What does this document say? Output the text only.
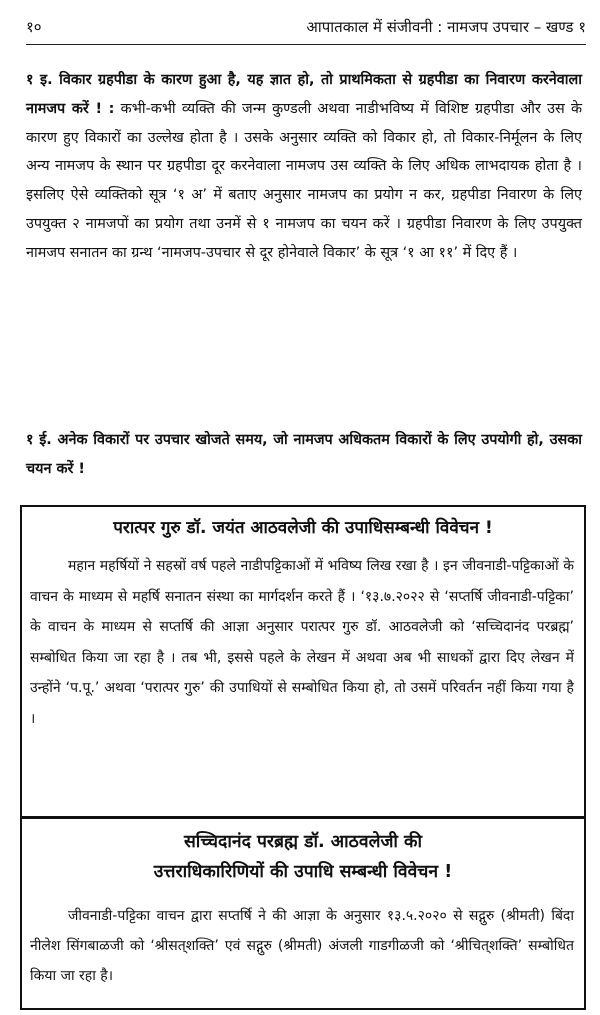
१०	आपातकाल में संजीवनी : नामजप उपचार – खण्ड १
१ इ. विकार ग्रहपीडा के कारण हुआ है, यह ज्ञात हो, तो प्राथमिकता से ग्रहपीडा का निवारण करनेवाला नामजप करें ! : कभी-कभी व्यक्ति की जन्म कुण्डली अथवा नाडीभविष्य में विशिष्ट ग्रहपीडा और उस के कारण हुए विकारों का उल्लेख होता है । उसके अनुसार व्यक्ति को विकार हो, तो विकार-निर्मूलन के लिए अन्य नामजप के स्थान पर ग्रहपीडा दूर करनेवाला नामजप उस व्यक्ति के लिए अधिक लाभदायक होता है । इसलिए ऐसे व्यक्तिको सूत्र ‘१ अ’ में बताए अनुसार नामजप का प्रयोग न कर, ग्रहपीडा निवारण के लिए उपयुक्त २ नामजपों का प्रयोग तथा उनमें से १ नामजप का चयन करें । ग्रहपीडा निवारण के लिए उपयुक्त नामजप सनातन का ग्रन्थ ‘नामजप-उपचार से दूर होनेवाले विकार’ के सूत्र ‘१ आ ११’ में दिए हैं ।
१ ई. अनेक विकारों पर उपचार खोजते समय, जो नामजप अधिकतम विकारों के लिए उपयोगी हो, उसका चयन करें !
परात्पर गुरु डॉ. जयंत आठवलेजी की उपाधिसम्बन्धी विवेचन !
महान महर्षियों ने सहस्रों वर्ष पहले नाडीपट्टिकाओं में भविष्य लिख रखा है । इन जीवनाडी-पट्टिकाओं के वाचन के माध्यम से महर्षि सनातन संस्था का मार्गदर्शन करते हैं । ‘१३.७.२०२२ से ‘सप्तर्षि जीवनाडी-पट्टिका’ के वाचन के माध्यम से सप्तर्षि की आज्ञा अनुसार परात्पर गुरु डॉ. आठवलेजी को ‘सच्चिदानंद परब्रह्म’ सम्बोधित किया जा रहा है । तब भी, इससे पहले के लेखन में अथवा अब भी साधकों द्वारा दिए लेखन में उन्होंने ‘प.पू.’ अथवा ‘परात्पर गुरु’ की उपाधियों से सम्बोधित किया हो, तो उसमें परिवर्तन नहीं किया गया है ।
सच्चिदानंद परब्रह्म डॉ. आठवलेजी की
उत्तराधिकारिणियों की उपाधि सम्बन्धी विवेचन !
जीवनाडी-पट्टिका वाचन द्वारा सप्तर्षि ने की आज्ञा के अनुसार १३.५.२०२० से सद्गुरु (श्रीमती) बिंदा नीलेश सिंगबाळजी को ‘श्रीसत्‌शक्ति’ एवं सद्गुरु (श्रीमती) अंजली गाडगीळजी को ‘श्रीचित्‌शक्ति’ सम्बोधित किया जा रहा है।
